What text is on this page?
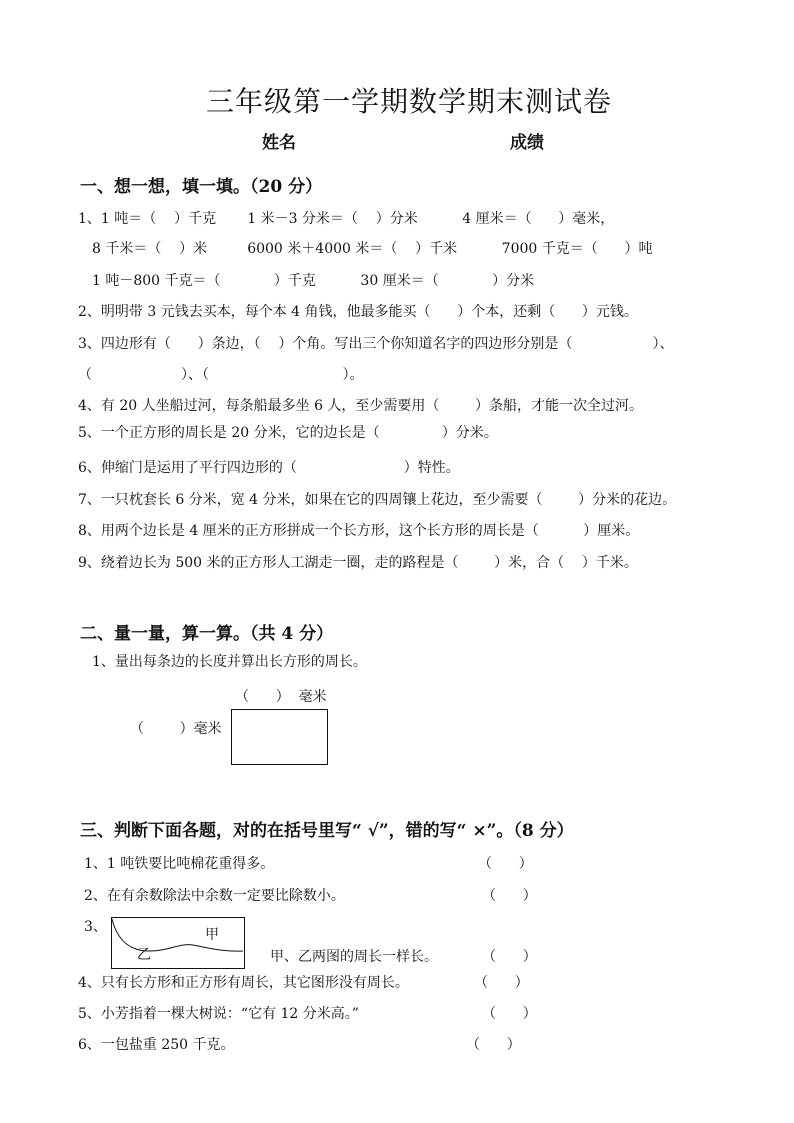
三年级第一学期数学期末测试卷
姓名	成绩
一、想一想，填一填。（20 分）
1、1 吨＝（    ）千克       1 米－3 分米＝（    ）分米          4 厘米＝（      ）毫米，
8 千米＝（    ）米         6000 米＋4000 米＝（    ）千米          7000 千克＝（      ）吨
1 吨－800 千克＝（            ）千克          30 厘米＝（            ）分米
2、明明带 3 元钱去买本，每个本 4 角钱，他最多能买（      ）个本，还剩（      ）元钱。
3、四边形有（      ）条边，（    ）个角。写出三个你知道名字的四边形分别是（                  ）、
（                    ）、（                              ）。
4、有 20 人坐船过河，每条船最多坐 6 人，至少需要用（        ）条船，才能一次全过河。
5、一个正方形的周长是 20 分米，它的边长是（              ）分米。
6、伸缩门是运用了平行四边形的（                        ）特性。
7、一只枕套长 6 分米，宽 4 分米，如果在它的四周镶上花边，至少需要（        ）分米的花边。
8、用两个边长是 4 厘米的正方形拼成一个长方形，这个长方形的周长是（          ）厘米。
9、绕着边长为 500 米的正方形人工湖走一圈，走的路程是（        ）米，合（    ）千米。
二、量一量，算一算。（共 4 分）
1、量出每条边的长度并算出长方形的周长。
（      ）  毫米
（        ）毫米
三、判断下面各题，对的在括号里写“ √”，错的写“ ×”。（8 分）
1、1 吨铁要比吨棉花重得多。	（      ）
2、在有余数除法中余数一定要比除数小。	（      ）
3、	甲
乙	甲、乙两图的周长一样长。	（      ）
4、只有长方形和正方形有周长，其它图形没有周长。	（      ）
5、小芳指着一棵大树说：“它有 12 分米高。”	（      ）
6、一包盐重 250 千克。	（      ）
